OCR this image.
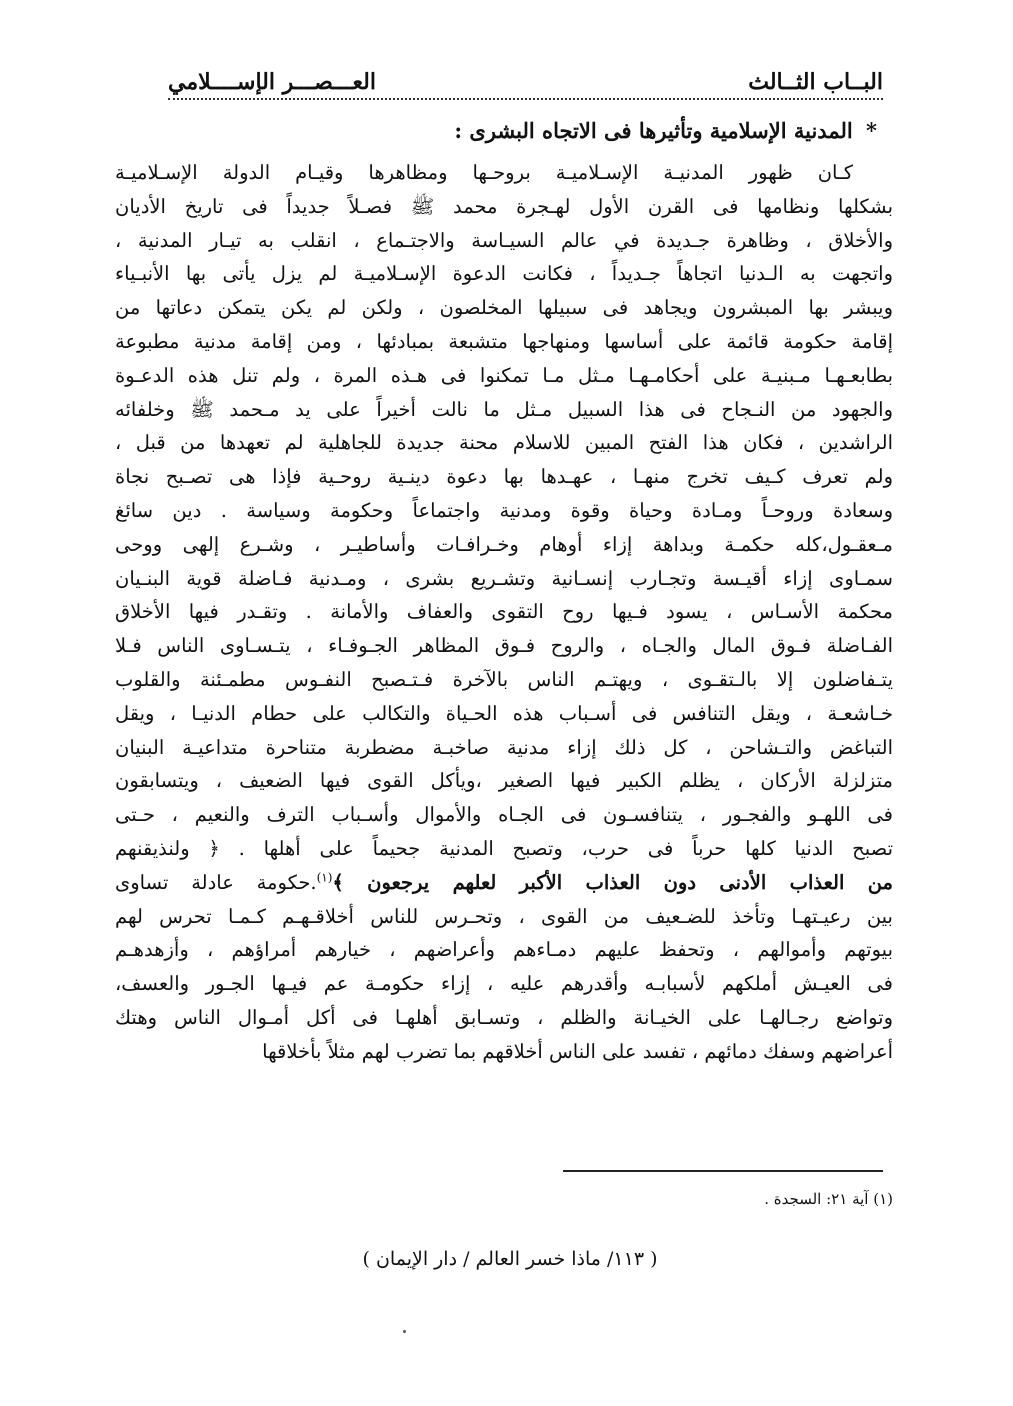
البــاب الثــالث
العـــصـــر الإســــلامي
* المدنية الإسلامية وتأثيرها فى الاتجاه البشرى :
كـان ظهور المدنيـة الإسـلاميـة بروحـها ومظاهرها وقيـام الدولة الإسـلاميـة
بشكلها ونظامها فى القرن الأول لهـجرة محمد ﷺ فصـلاً جديداً فى تاريخ الأديان
والأخلاق ، وظاهرة جـديدة في عالم السيـاسة والاجتـماع ، انقلب به تيـار المدنية ،
واتجهت به الـدنيا اتجاهاً جـديداً ، فكانت الدعوة الإسـلاميـة لم يزل يأتى بها الأنبـياء
ويبشر بها المبشرون ويجاهد فى سبيلها المخلصون ، ولكن لم يكن يتمكن دعاتها من
إقامة حكومة قائمة على أساسها ومنهاجها متشبعة بمبادئها ، ومن إقامة مدنية مطبوعة
بطابعـهـا مـبنيـة على أحكامـهـا مـثل مـا تمكنوا فى هـذه المرة ، ولم تنل هذه الدعـوة
والجهود من النـجاح فى هذا السبيل مـثل ما نالت أخيراً على يد مـحمد ﷺ وخلفائه
الراشدين ، فكان هذا الفتح المبين للاسلام محنة جديدة للجاهلية لم تعهدها من قبل ،
ولم تعرف كـيف تخرج منهـا ، عهـدها بها دعوة دينـية روحـية فإذا هى تصـبح نجاة
وسعادة وروحـاً ومـادة وحياة وقوة ومدنية واجتماعاً وحكومة وسياسة . دين سائغ
مـعقـول،كله حكمـة وبداهة إزاء أوهام وخـرافـات وأساطيـر ، وشـرع إلهى ووحى
سمـاوى إزاء أقيـسة وتجـارب إنسـانية وتشـريع بشرى ، ومـدنية فـاضلة قوية البنـيان
محكمة الأسـاس ، يسود فـيها روح التقوى والعفاف والأمانة . وتقـدر فيها الأخلاق
الفـاضلة فـوق المال والجـاه ، والروح فـوق المظاهر الجـوفـاء ، يتـسـاوى الناس فـلا
يتـفاضلون إلا بالـتقـوى ، ويهتـم الناس بالآخرة فـتـصبح النفـوس مطمـئنة والقلوب
خـاشعـة ، ويقل التنافس فى أسـباب هذه الحـياة والتكالب على حطام الدنيـا ، ويقل
التباغض والتـشاحن ، كل ذلك إزاء مدنية صاخبـة مضطربة متناحرة متداعيـة البنيان
متزلزلة الأركان ، يظلم الكبير فيها الصغير ،ويأكل القوى فيها الضعيف ، ويتسابقون
فى اللهـو والفجـور ، يتنافسـون فى الجـاه والأموال وأسـباب الترف والنعيم ، حـتى
تصبح الدنيا كلها حرباً فى حرب، وتصبح المدنية جحيماً على أهلها . ﴿ ولنذيقنهم
من العذاب الأدنى دون العذاب الأكبر لعلهم يرجعون ﴾$^{(١)}$.حكومة عادلة تساوى
بين رعيـتهـا وتأخذ للضـعيف من القوى ، وتحـرس للناس أخلاقـهـم كـمـا تحرس لهم
بيوتهم وأموالهم ، وتحفظ عليهم دمـاءهم وأعراضهم ، خيارهم أمراؤهم ، وأزهدهـم
فى العيـش أملكهم لأسبابـه وأقدرهم عليه ، إزاء حكومـة عم فيـها الجـور والعسف،
وتواضع رجـالهـا على الخيـانة والظلم ، وتسـابق أهلهـا فى أكل أمـوال الناس وهتك
أعراضهم وسفك دمائهم ، تفسد على الناس أخلاقهم بما تضرب لهم مثلاً بأخلاقها
(١) آية ٢١: السجدة .
( ١١٣/ ماذا خسر العالم / دار الإيمان )
